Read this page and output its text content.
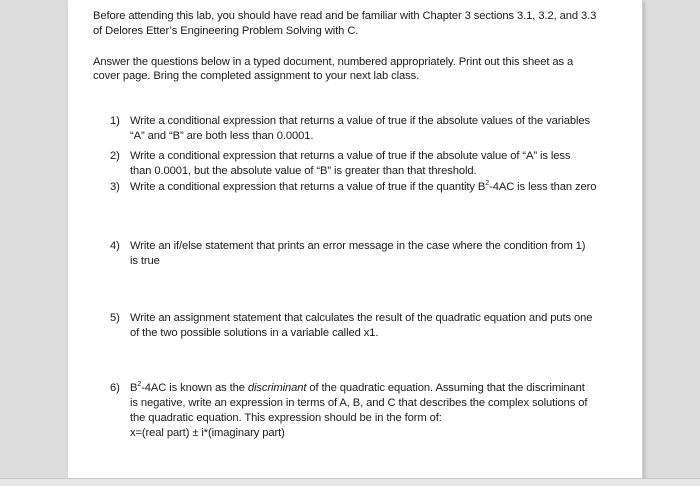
Before attending this lab, you should have read and be familiar with Chapter 3 sections 3.1, 3.2, and 3.3
of Delores Etter’s Engineering Problem Solving with C.
Answer the questions below in a typed document, numbered appropriately. Print out this sheet as a
cover page. Bring the completed assignment to your next lab class.
1) Write a conditional expression that returns a value of true if the absolute values of the variables
“A” and “B” are both less than 0.0001.
2) Write a conditional expression that returns a value of true if the absolute value of “A” is less
than 0.0001, but the absolute value of “B” is greater than that threshold.
3) Write a conditional expression that returns a value of true if the quantity $B^2-4AC$ is less than zero
4) Write an if/else statement that prints an error message in the case where the condition from 1)
is true
5) Write an assignment statement that calculates the result of the quadratic equation and puts one
of the two possible solutions in a variable called x1.
6) $B^2-4AC$ is known as the discriminant of the quadratic equation. Assuming that the discriminant
is negative, write an expression in terms of A, B, and C that describes the complex solutions of
the quadratic equation. This expression should be in the form of:
x=(real part) ± i*(imaginary part)
